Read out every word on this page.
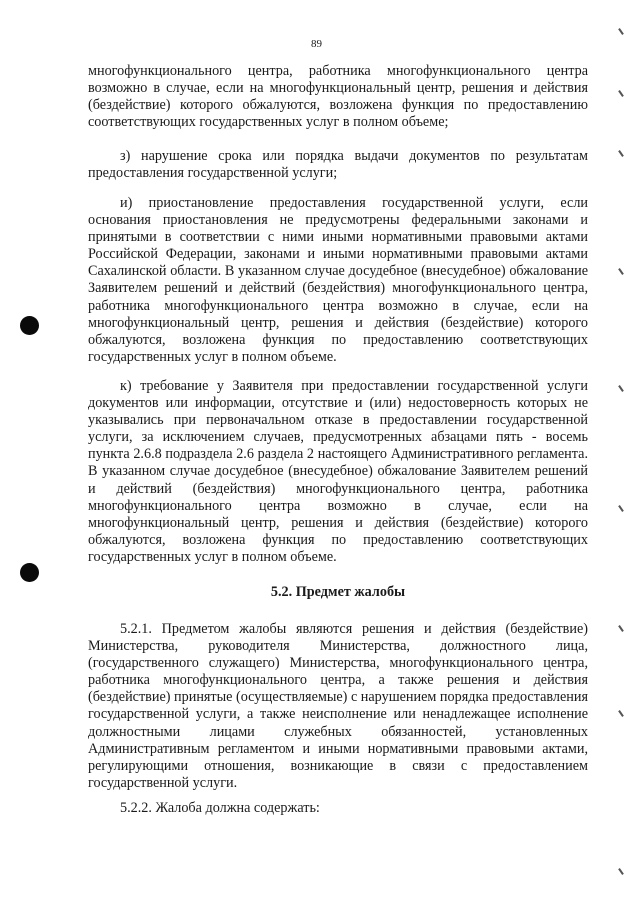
89

многофункционального центра, работника многофункционального центра возможно в случае, если на многофункциональный центр, решения и действия (бездействие) которого обжалуются, возложена функция по предоставлению соответствующих государственных услуг в полном объеме;

з) нарушение срока или порядка выдачи документов по результатам предоставления государственной услуги;

и) приостановление предоставления государственной услуги, если основания приостановления не предусмотрены федеральными законами и принятыми в соответствии с ними иными нормативными правовыми актами Российской Федерации, законами и иными нормативными правовыми актами Сахалинской области. В указанном случае досудебное (внесудебное) обжалование Заявителем решений и действий (бездействия) многофункционального центра, работника многофункционального центра возможно в случае, если на многофункциональный центр, решения и действия (бездействие) которого обжалуются, возложена функция по предоставлению соответствующих государственных услуг в полном объеме.

к) требование у Заявителя при предоставлении государственной услуги документов или информации, отсутствие и (или) недостоверность которых не указывались при первоначальном отказе в предоставлении государственной услуги, за исключением случаев, предусмотренных абзацами пять - восемь пункта 2.6.8 подраздела 2.6 раздела 2 настоящего Административного регламента. В указанном случае досудебное (внесудебное) обжалование Заявителем решений и действий (бездействия) многофункционального центра, работника многофункционального центра возможно в случае, если на многофункциональный центр, решения и действия (бездействие) которого обжалуются, возложена функция по предоставлению соответствующих государственных услуг в полном объеме.

5.2. Предмет жалобы

5.2.1. Предметом жалобы являются решения и действия (бездействие) Министерства, руководителя Министерства, должностного лица, (государственного служащего) Министерства, многофункционального центра, работника многофункционального центра, а также решения и действия (бездействие) принятые (осуществляемые) с нарушением порядка предоставления государственной услуги, а также неисполнение или ненадлежащее исполнение должностными лицами служебных обязанностей, установленных Административным регламентом и иными нормативными правовыми актами, регулирующими отношения, возникающие в связи с предоставлением государственной услуги.

5.2.2. Жалоба должна содержать:
